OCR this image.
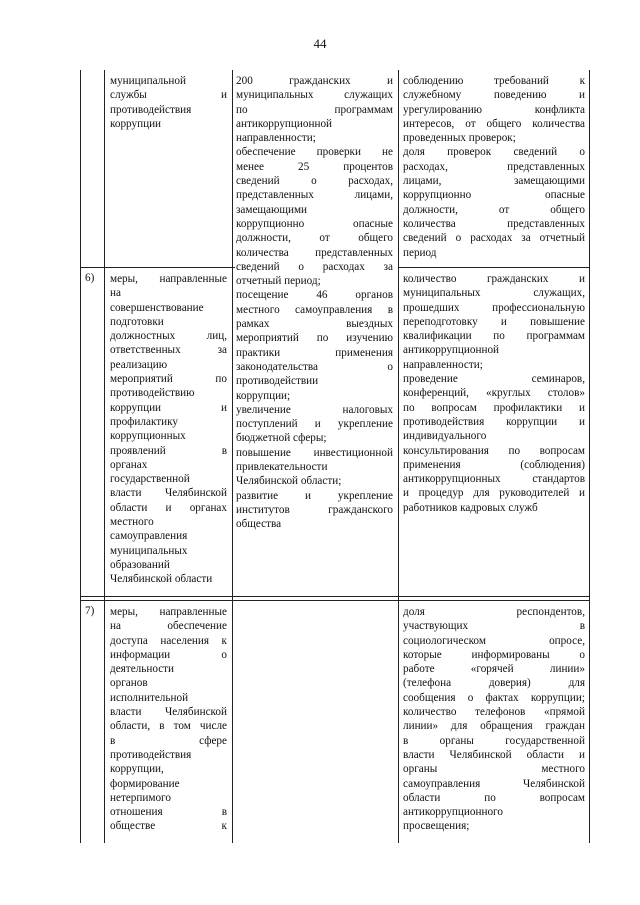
44
муниципальной
службы и
противодействия
коррупции
200 гражданских и
муниципальных служащих
по программам
антикоррупционной
направленности;
обеспечение проверки не
менее 25 процентов
сведений о расходах,
представленных лицами,
замещающими
коррупционно опасные
должности, от общего
количества представленных
сведений о расходах за
отчетный период;
посещение 46 органов
местного самоуправления в
рамках выездных
мероприятий по изучению
практики применения
законодательства о
противодействии
коррупции;
увеличение налоговых
поступлений и укрепление
бюджетной сферы;
повышение инвестиционной
привлекательности
Челябинской области;
развитие и укрепление
институтов гражданского
общества
соблюдению требований к
служебному поведению и
урегулированию конфликта
интересов, от общего количества
проведенных проверок;
доля проверок сведений о
расходах, представленных
лицами, замещающими
коррупционно опасные
должности, от общего
количества представленных
сведений о расходах за отчетный
период
6) меры, направленные
на
совершенствование
подготовки
должностных лиц,
ответственных за
реализацию
мероприятий по
противодействию
коррупции и
профилактику
коррупционных
проявлений в
органах
государственной
власти Челябинской
области и органах
местного
самоуправления
муниципальных
образований
Челябинской области
количество гражданских и
муниципальных служащих,
прошедших профессиональную
переподготовку и повышение
квалификации по программам
антикоррупционной
направленности;
проведение семинаров,
конференций, «круглых столов»
по вопросам профилактики и
противодействия коррупции и
индивидуального
консультирования по вопросам
применения (соблюдения)
антикоррупционных стандартов
и процедур для руководителей и
работников кадровых служб
7) меры, направленные
на обеспечение
доступа населения к
информации о
деятельности
органов
исполнительной
власти Челябинской
области, в том числе
в сфере
противодействия
коррупции,
формирование
нетерпимого
отношения в
обществе к
доля респондентов,
участвующих в
социологическом опросе,
которые информированы о
работе «горячей линии»
(телефона доверия) для
сообщения о фактах коррупции;
количество телефонов «прямой
линии» для обращения граждан
в органы государственной
власти Челябинской области и
органы местного
самоуправления Челябинской
области по вопросам
антикоррупционного
просвещения;
